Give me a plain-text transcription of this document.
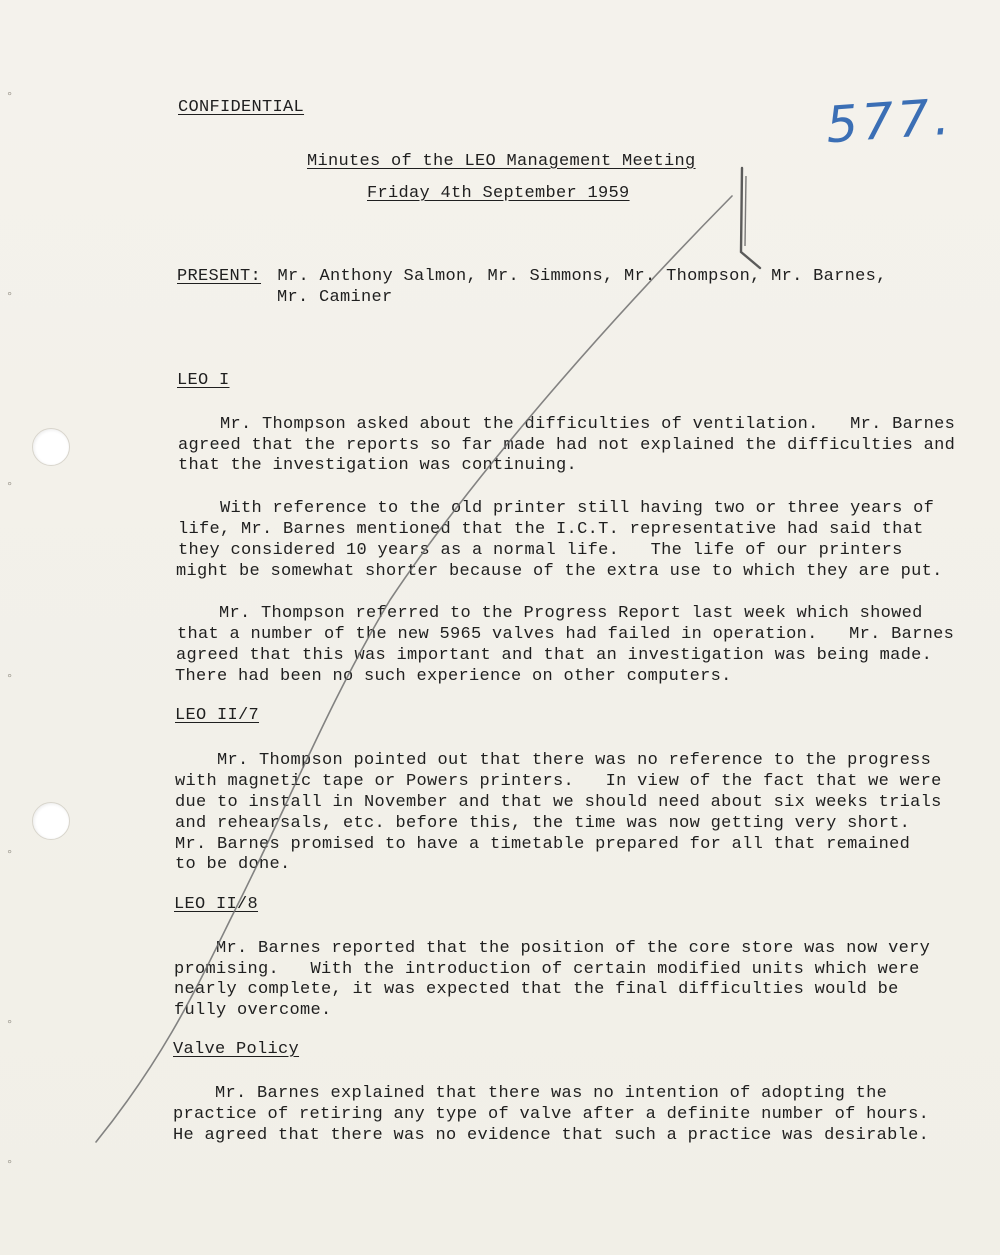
°
°
°
°
°
°
°
CONFIDENTIAL
Minutes of the LEO Management Meeting
Friday 4th September 1959
577.
PRESENT: Mr. Anthony Salmon, Mr. Simmons, Mr. Thompson, Mr. Barnes,
Mr. Caminer
LEO I
LEO II/7
LEO II/8
Valve Policy
Mr. Thompson asked about the difficulties of ventilation.   Mr. Barnes
agreed that the reports so far made had not explained the difficulties and
that the investigation was continuing.
With reference to the old printer still having two or three years of
life, Mr. Barnes mentioned that the I.C.T. representative had said that
they considered 10 years as a normal life.   The life of our printers
might be somewhat shorter because of the extra use to which they are put.
Mr. Thompson referred to the Progress Report last week which showed
that a number of the new 5965 valves had failed in operation.   Mr. Barnes
agreed that this was important and that an investigation was being made.
There had been no such experience on other computers.
Mr. Thompson pointed out that there was no reference to the progress
with magnetic tape or Powers printers.   In view of the fact that we were
due to install in November and that we should need about six weeks trials
and rehearsals, etc. before this, the time was now getting very short.
Mr. Barnes promised to have a timetable prepared for all that remained
to be done.
Mr. Barnes reported that the position of the core store was now very
promising.   With the introduction of certain modified units which were
nearly complete, it was expected that the final difficulties would be
fully overcome.
Mr. Barnes explained that there was no intention of adopting the
practice of retiring any type of valve after a definite number of hours.
He agreed that there was no evidence that such a practice was desirable.
